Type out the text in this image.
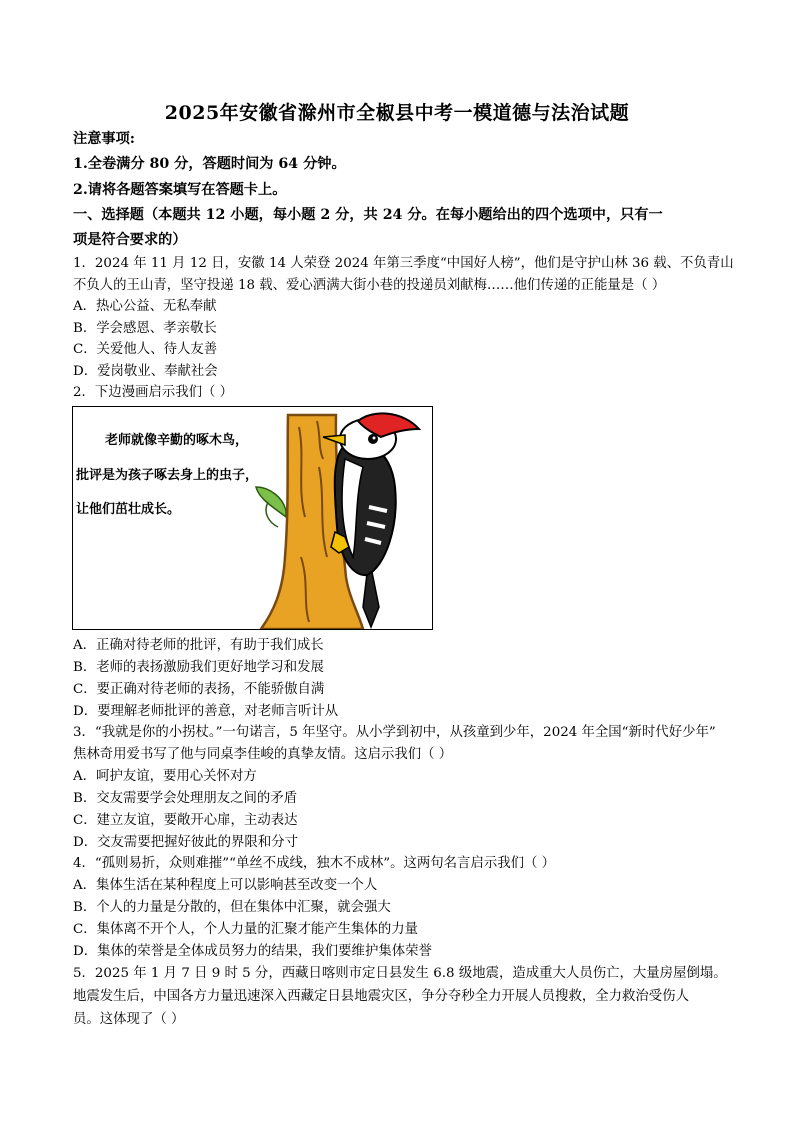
2025年安徽省滁州市全椒县中考一模道德与法治试题
注意事项:
1.全卷满分 80 分，答题时间为 64 分钟。
2.请将各题答案填写在答题卡上。
一、选择题（本题共 12 小题，每小题 2 分，共 24 分。在每小题给出的四个选项中，只有一
项是符合要求的）
1．2024 年 11 月 12 日，安徽 14 人荣登 2024 年第三季度“中国好人榜”，他们是守护山林 36 载、不负青山
不负人的王山青，坚守投递 18 载、爱心洒满大街小巷的投递员刘献梅……他们传递的正能量是（ ）
A．热心公益、无私奉献
B．学会感恩、孝亲敬长
C．关爱他人、待人友善
D．爱岗敬业、奉献社会
2．下边漫画启示我们（ ）
老师就像辛勤的啄木鸟，
批评是为孩子啄去身上的虫子，
让他们茁壮成长。
A．正确对待老师的批评，有助于我们成长
B．老师的表扬激励我们更好地学习和发展
C．要正确对待老师的表扬，不能骄傲自满
D．要理解老师批评的善意，对老师言听计从
3．“我就是你的小拐杖。”一句诺言，5 年坚守。从小学到初中，从孩童到少年，2024 年全国“新时代好少年”
焦林奇用爱书写了他与同桌李佳峻的真挚友情。这启示我们（ ）
A．呵护友谊，要用心关怀对方
B．交友需要学会处理朋友之间的矛盾
C．建立友谊，要敞开心扉，主动表达
D．交友需要把握好彼此的界限和分寸
4．“孤则易折，众则难摧”“单丝不成线，独木不成林”。这两句名言启示我们（ ）
A．集体生活在某种程度上可以影响甚至改变一个人
B．个人的力量是分散的，但在集体中汇聚，就会强大
C．集体离不开个人，个人力量的汇聚才能产生集体的力量
D．集体的荣誉是全体成员努力的结果，我们要维护集体荣誉
5．2025 年 1 月 7 日 9 时 5 分，西藏日喀则市定日县发生 6.8 级地震，造成重大人员伤亡，大量房屋倒塌。
地震发生后，中国各方力量迅速深入西藏定日县地震灾区，争分夺秒全力开展人员搜救，全力救治受伤人
员。这体现了（ ）
